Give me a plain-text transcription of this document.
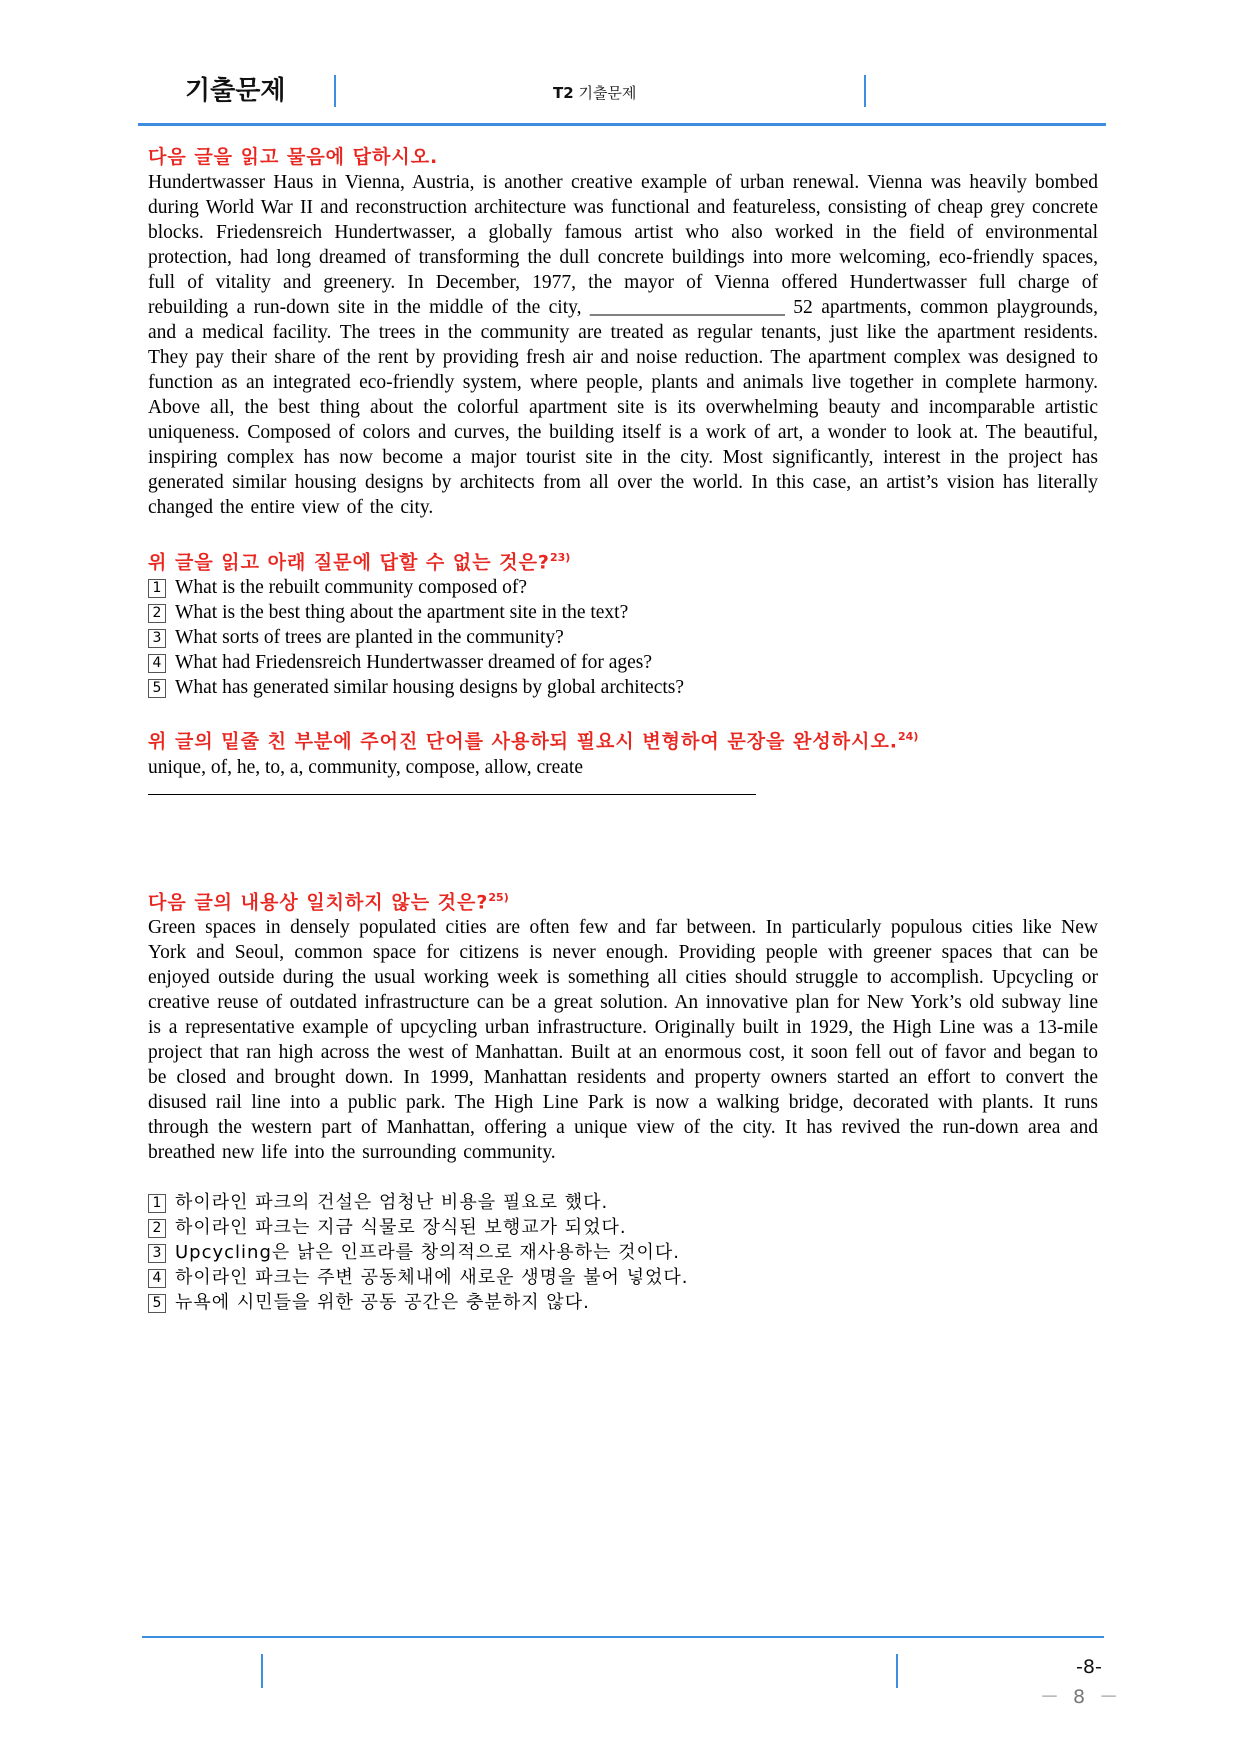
기출문제	T2 기출문제

다음 글을 읽고 물음에 답하시오.

Hundertwasser Haus in Vienna, Austria, is another creative example of urban renewal. Vienna was heavily bombed during World War II and reconstruction architecture was functional and featureless, consisting of cheap grey concrete blocks. Friedensreich Hundertwasser, a globally famous artist who also worked in the field of environmental protection, had long dreamed of transforming the dull concrete buildings into more welcoming, eco-friendly spaces, full of vitality and greenery. In December, 1977, the mayor of Vienna offered Hundertwasser full charge of rebuilding a run-down site in the middle of the city, ____________________ 52 apartments, common playgrounds, and a medical facility. The trees in the community are treated as regular tenants, just like the apartment residents. They pay their share of the rent by providing fresh air and noise reduction. The apartment complex was designed to function as an integrated eco-friendly system, where people, plants and animals live together in complete harmony. Above all, the best thing about the colorful apartment site is its overwhelming beauty and incomparable artistic uniqueness. Composed of colors and curves, the building itself is a work of art, a wonder to look at. The beautiful, inspiring complex has now become a major tourist site in the city. Most significantly, interest in the project has generated similar housing designs by architects from all over the world. In this case, an artist’s vision has literally changed the entire view of the city.

위 글을 읽고 아래 질문에 답할 수 없는 것은?$^{23)}$

1 What is the rebuilt community composed of?

2 What is the best thing about the apartment site in the text?

3 What sorts of trees are planted in the community?

4 What had Friedensreich Hundertwasser dreamed of for ages?

5 What has generated similar housing designs by global architects?

위 글의 밑줄 친 부분에 주어진 단어를 사용하되 필요시 변형하여 문장을 완성하시오.$^{24)}$

unique, of, he, to, a, community, compose, allow, create

다음 글의 내용상 일치하지 않는 것은?$^{25)}$

Green spaces in densely populated cities are often few and far between. In particularly populous cities like New York and Seoul, common space for citizens is never enough. Providing people with greener spaces that can be enjoyed outside during the usual working week is something all cities should struggle to accomplish. Upcycling or creative reuse of outdated infrastructure can be a great solution. An innovative plan for New York’s old subway line is a representative example of upcycling urban infrastructure. Originally built in 1929, the High Line was a 13-mile project that ran high across the west of Manhattan. Built at an enormous cost, it soon fell out of favor and began to be closed and brought down. In 1999, Manhattan residents and property owners started an effort to convert the disused rail line into a public park. The High Line Park is now a walking bridge, decorated with plants. It runs through the western part of Manhattan, offering a unique view of the city. It has revived the run-down area and breathed new life into the surrounding community.

1 하이라인 파크의 건설은 엄청난 비용을 필요로 했다.

2 하이라인 파크는 지금 식물로 장식된 보행교가 되었다.

3 Upcycling은 낡은 인프라를 창의적으로 재사용하는 것이다.

4 하이라인 파크는 주변 공동체내에 새로운 생명을 불어 넣었다.

5 뉴욕에 시민들을 위한 공동 공간은 충분하지 않다.

-8-
－ 8 －
